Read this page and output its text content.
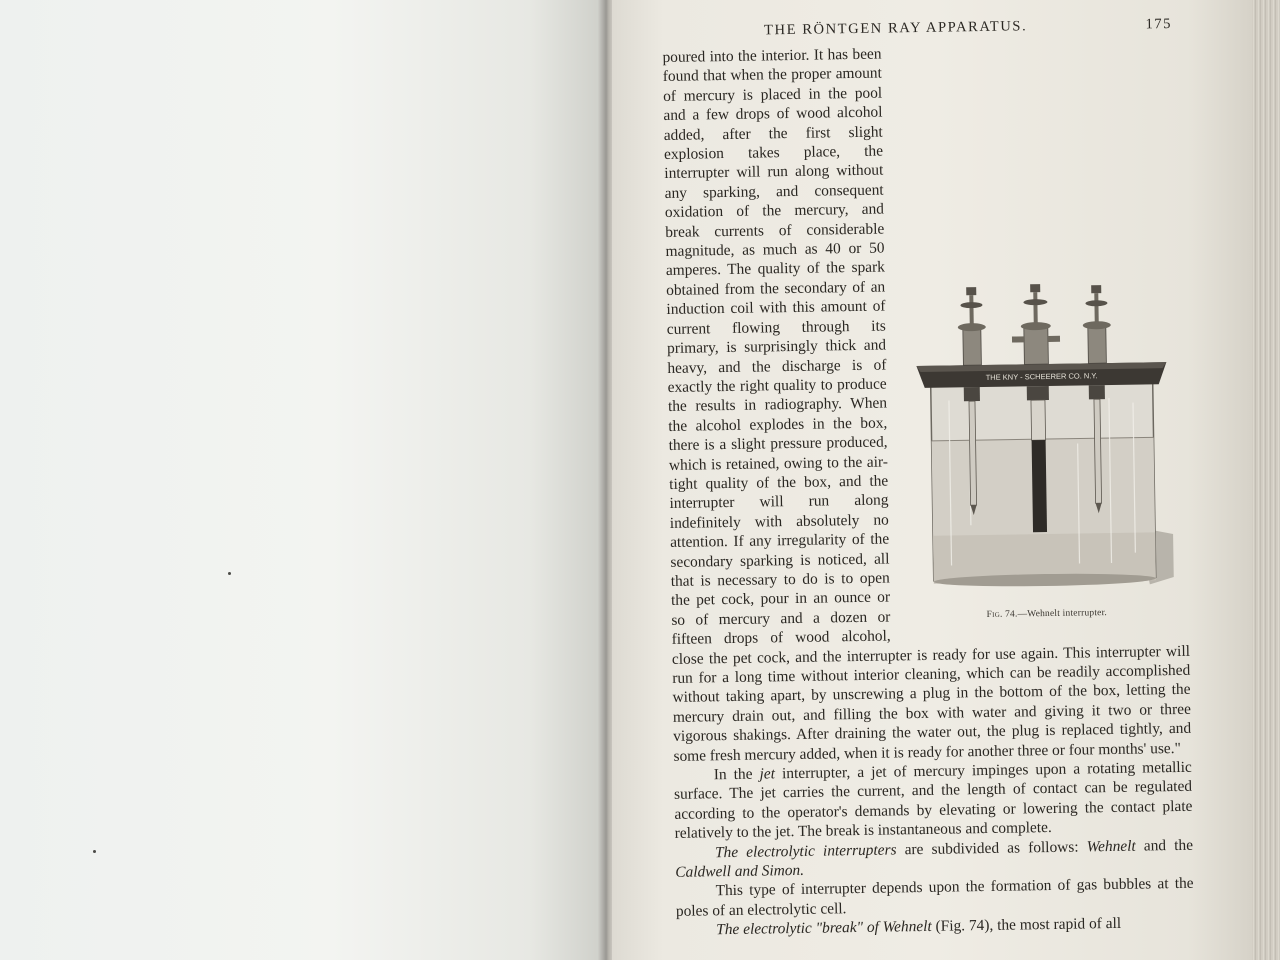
THE RÖNTGEN RAY APPARATUS.	175
THE KNY - SCHEERER CO. N.Y.
Fig. 74.—Wehnelt interrupter.

poured into the interior. It has been found that when the proper amount of mercury is placed in the pool and a few drops of wood alcohol added, after the first slight explosion takes place, the interrupter will run along without any sparking, and consequent oxidation of the mercury, and break currents of considerable magnitude, as much as 40 or 50 amperes. The quality of the spark obtained from the secondary of an induction coil with this amount of current flowing through its primary, is surprisingly thick and heavy, and the discharge is of exactly the right quality to produce the results in radiography. When the alcohol explodes in the box, there is a slight pressure produced, which is retained, owing to the air-tight quality of the box, and the interrupter will run along indefinitely with absolutely no attention. If any irregularity of the secondary sparking is noticed, all that is necessary to do is to open the pet cock, pour in an ounce or so of mercury and a dozen or fifteen drops of wood alcohol, close the pet cock, and the interrupter is ready for use again. This interrupter will run for a long time without interior cleaning, which can be readily accomplished without taking apart, by unscrewing a plug in the bottom of the box, letting the mercury drain out, and filling the box with water and giving it two or three vigorous shakings. After draining the water out, the plug is replaced tightly, and some fresh mercury added, when it is ready for another three or four months' use."

In the jet interrupter, a jet of mercury impinges upon a rotating metallic surface. The jet carries the current, and the length of contact can be regulated according to the operator's demands by elevating or lowering the contact plate relatively to the jet. The break is instantaneous and complete.

The electrolytic interrupters are subdivided as follows: Wehnelt and the Caldwell and Simon.

This type of interrupter depends upon the formation of gas bubbles at the poles of an electrolytic cell.

The electrolytic "break" of Wehnelt (Fig. 74), the most rapid of all
